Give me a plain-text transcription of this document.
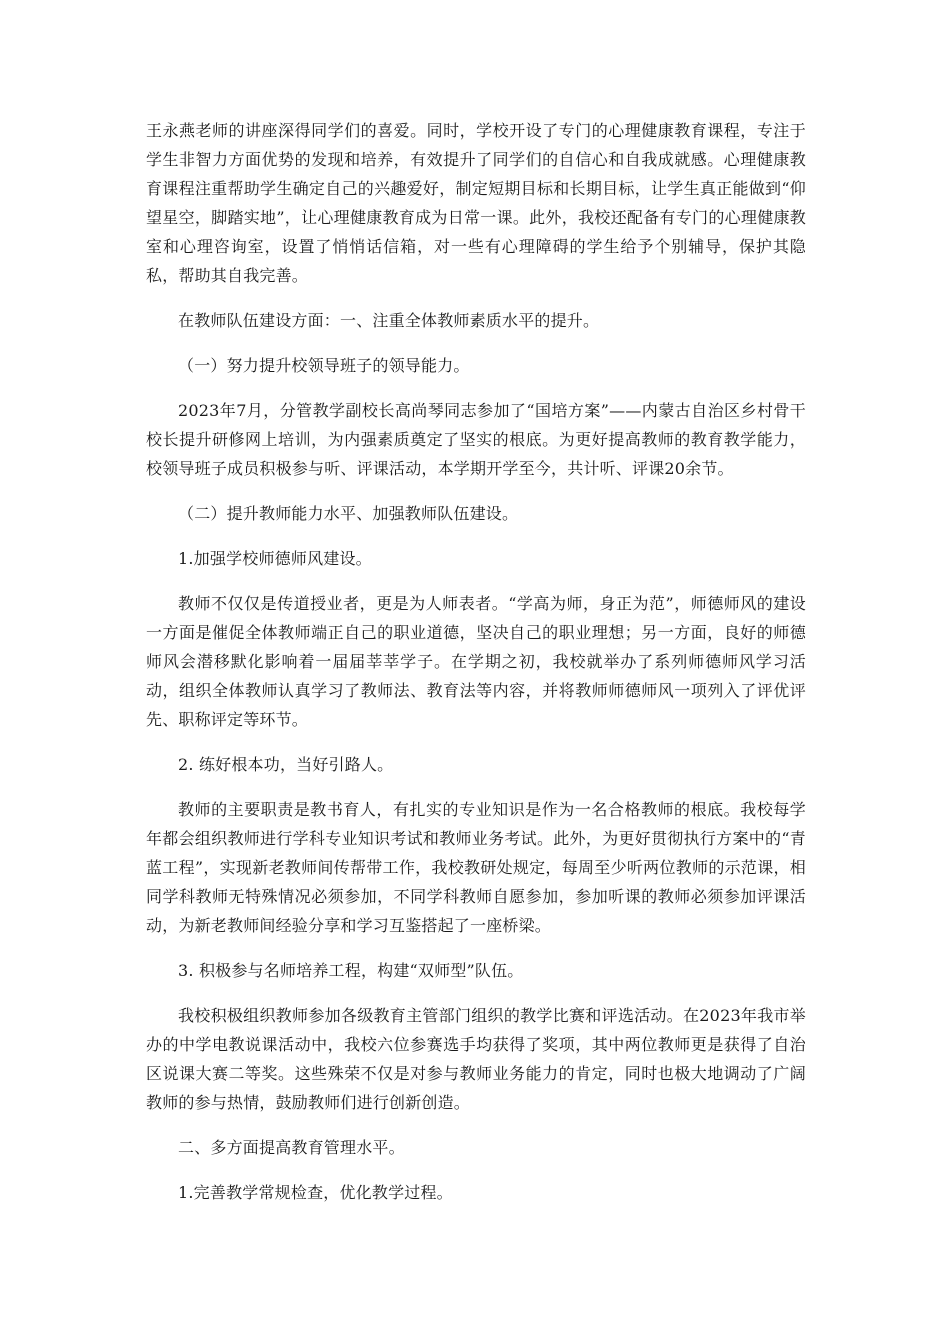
王永燕老师的讲座深得同学们的喜爱。同时，学校开设了专门的心理健康教育课程，专注于学生非智力方面优势的发现和培养，有效提升了同学们的自信心和自我成就感。心理健康教育课程注重帮助学生确定自己的兴趣爱好，制定短期目标和长期目标，让学生真正能做到“仰望星空，脚踏实地”，让心理健康教育成为日常一课。此外，我校还配备有专门的心理健康教室和心理咨询室，设置了悄悄话信箱，对一些有心理障碍的学生给予个别辅导，保护其隐私，帮助其自我完善。

在教师队伍建设方面：一、注重全体教师素质水平的提升。

（一）努力提升校领导班子的领导能力。

2023年7月，分管教学副校长高尚琴同志参加了“国培方案”——内蒙古自治区乡村骨干校长提升研修网上培训，为内强素质奠定了坚实的根底。为更好提高教师的教育教学能力，校领导班子成员积极参与听、评课活动，本学期开学至今，共计听、评课20余节。

（二）提升教师能力水平、加强教师队伍建设。

1.加强学校师德师风建设。

教师不仅仅是传道授业者，更是为人师表者。“学高为师，身正为范”，师德师风的建设一方面是催促全体教师端正自己的职业道德，坚决自己的职业理想；另一方面，良好的师德师风会潜移默化影响着一届届莘莘学子。在学期之初，我校就举办了系列师德师风学习活动，组织全体教师认真学习了教师法、教育法等内容，并将教师师德师风一项列入了评优评先、职称评定等环节。

2. 练好根本功，当好引路人。

教师的主要职责是教书育人，有扎实的专业知识是作为一名合格教师的根底。我校每学年都会组织教师进行学科专业知识考试和教师业务考试。此外，为更好贯彻执行方案中的“青蓝工程”，实现新老教师间传帮带工作，我校教研处规定，每周至少听两位教师的示范课，相同学科教师无特殊情况必须参加，不同学科教师自愿参加，参加听课的教师必须参加评课活动，为新老教师间经验分享和学习互鉴搭起了一座桥梁。

3. 积极参与名师培养工程，构建“双师型”队伍。

我校积极组织教师参加各级教育主管部门组织的教学比赛和评选活动。在2023年我市举办的中学电教说课活动中，我校六位参赛选手均获得了奖项，其中两位教师更是获得了自治区说课大赛二等奖。这些殊荣不仅是对参与教师业务能力的肯定，同时也极大地调动了广阔教师的参与热情，鼓励教师们进行创新创造。

二、多方面提高教育管理水平。

1.完善教学常规检查，优化教学过程。
